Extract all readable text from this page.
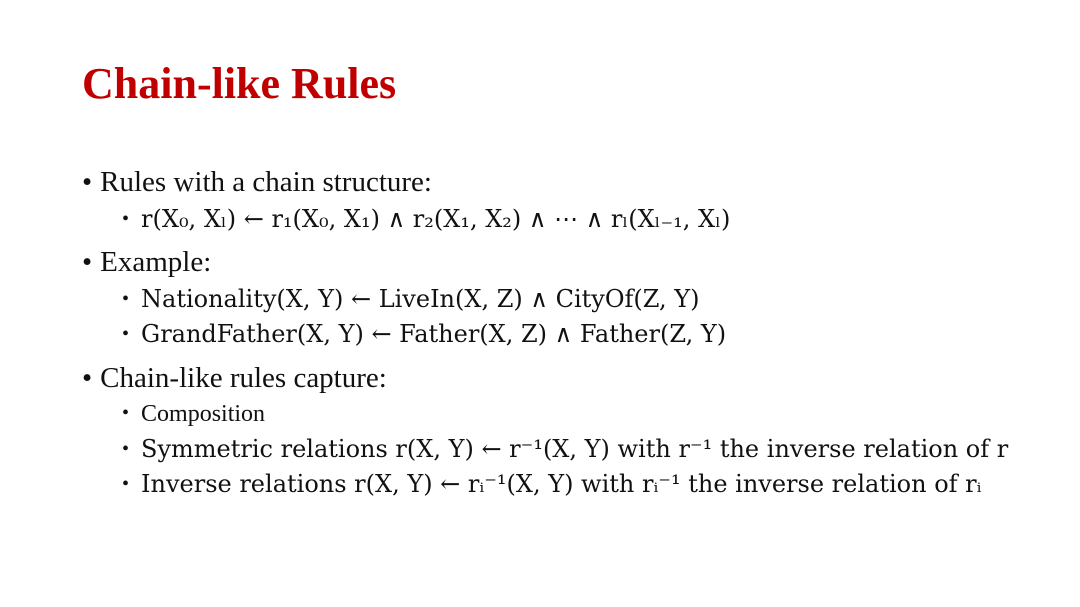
Chain-like Rules
• Rules with a chain structure:
• r(X₀, Xₗ) ← r₁(X₀, X₁) ∧ r₂(X₁, X₂) ∧ ⋯ ∧ rₗ(Xₗ₋₁, Xₗ)
• Example:
• Nationality(X, Y) ← LiveIn(X, Z) ∧ CityOf(Z, Y)
• GrandFather(X, Y) ← Father(X, Z) ∧ Father(Z, Y)
• Chain-like rules capture:
• Composition
• Symmetric relations r(X, Y) ← r⁻¹(X, Y) with r⁻¹ the inverse relation of r
• Inverse relations r(X, Y) ← rᵢ⁻¹(X, Y) with rᵢ⁻¹ the inverse relation of rᵢ
